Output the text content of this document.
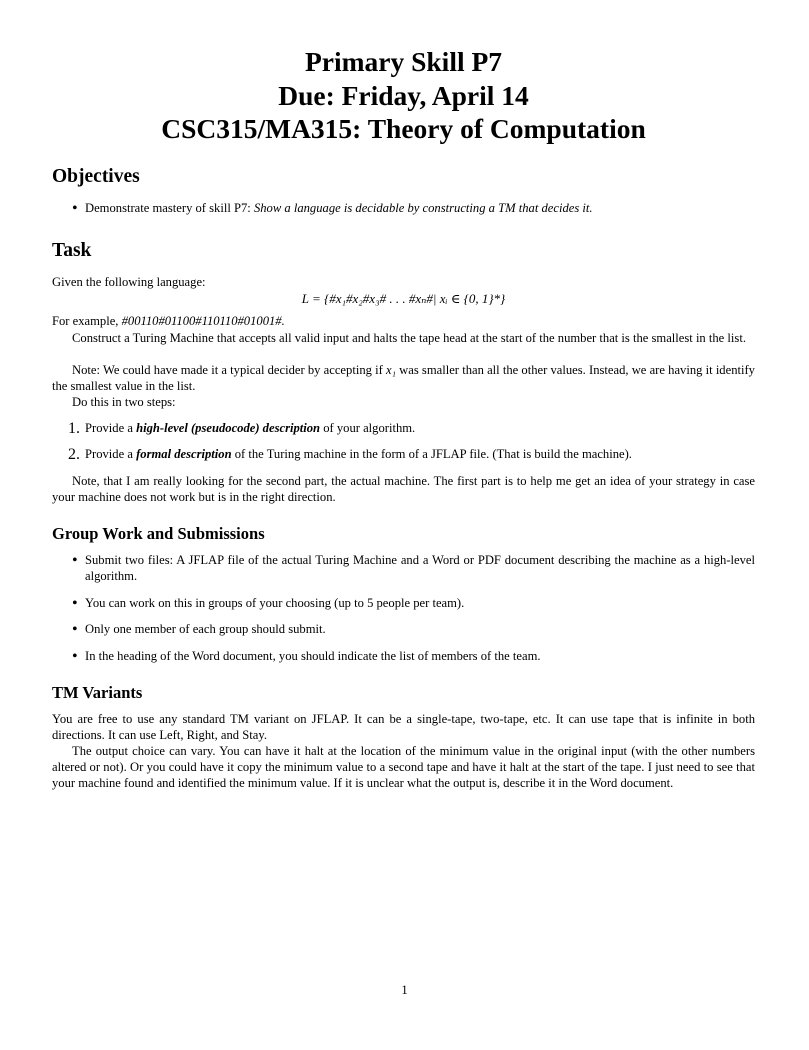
Primary Skill P7
Due: Friday, April 14
CSC315/MA315: Theory of Computation
Objectives
• Demonstrate mastery of skill P7: Show a language is decidable by constructing a TM that decides it.
Task

Given the following language:

L = {#x₁#x₂#x₃# . . . #xₙ#| xᵢ ∈ {0, 1}*}

For example, #00110#01100#110110#01001#.

Construct a Turing Machine that accepts all valid input and halts the tape head at the start of the number that is the smallest in the list.

Note: We could have made it a typical decider by accepting if x₁ was smaller than all the other values. Instead, we are having it identify the smallest value in the list.

Do this in two steps:

1. Provide a high-level (pseudocode) description of your algorithm.
2. Provide a formal description of the Turing machine in the form of a JFLAP file. (That is build the machine).

Note, that I am really looking for the second part, the actual machine. The first part is to help me get an idea of your strategy in case your machine does not work but is in the right direction.

Group Work and Submissions
• Submit two files: A JFLAP file of the actual Turing Machine and a Word or PDF document describing the machine as a high-level algorithm.
• You can work on this in groups of your choosing (up to 5 people per team).
• Only one member of each group should submit.
• In the heading of the Word document, you should indicate the list of members of the team.
TM Variants

You are free to use any standard TM variant on JFLAP. It can be a single-tape, two-tape, etc. It can use tape that is infinite in both directions. It can use Left, Right, and Stay.

The output choice can vary. You can have it halt at the location of the minimum value in the original input (with the other numbers altered or not). Or you could have it copy the minimum value to a second tape and have it halt at the start of the tape. I just need to see that your machine found and identified the minimum value. If it is unclear what the output is, describe it in the Word document.

1
